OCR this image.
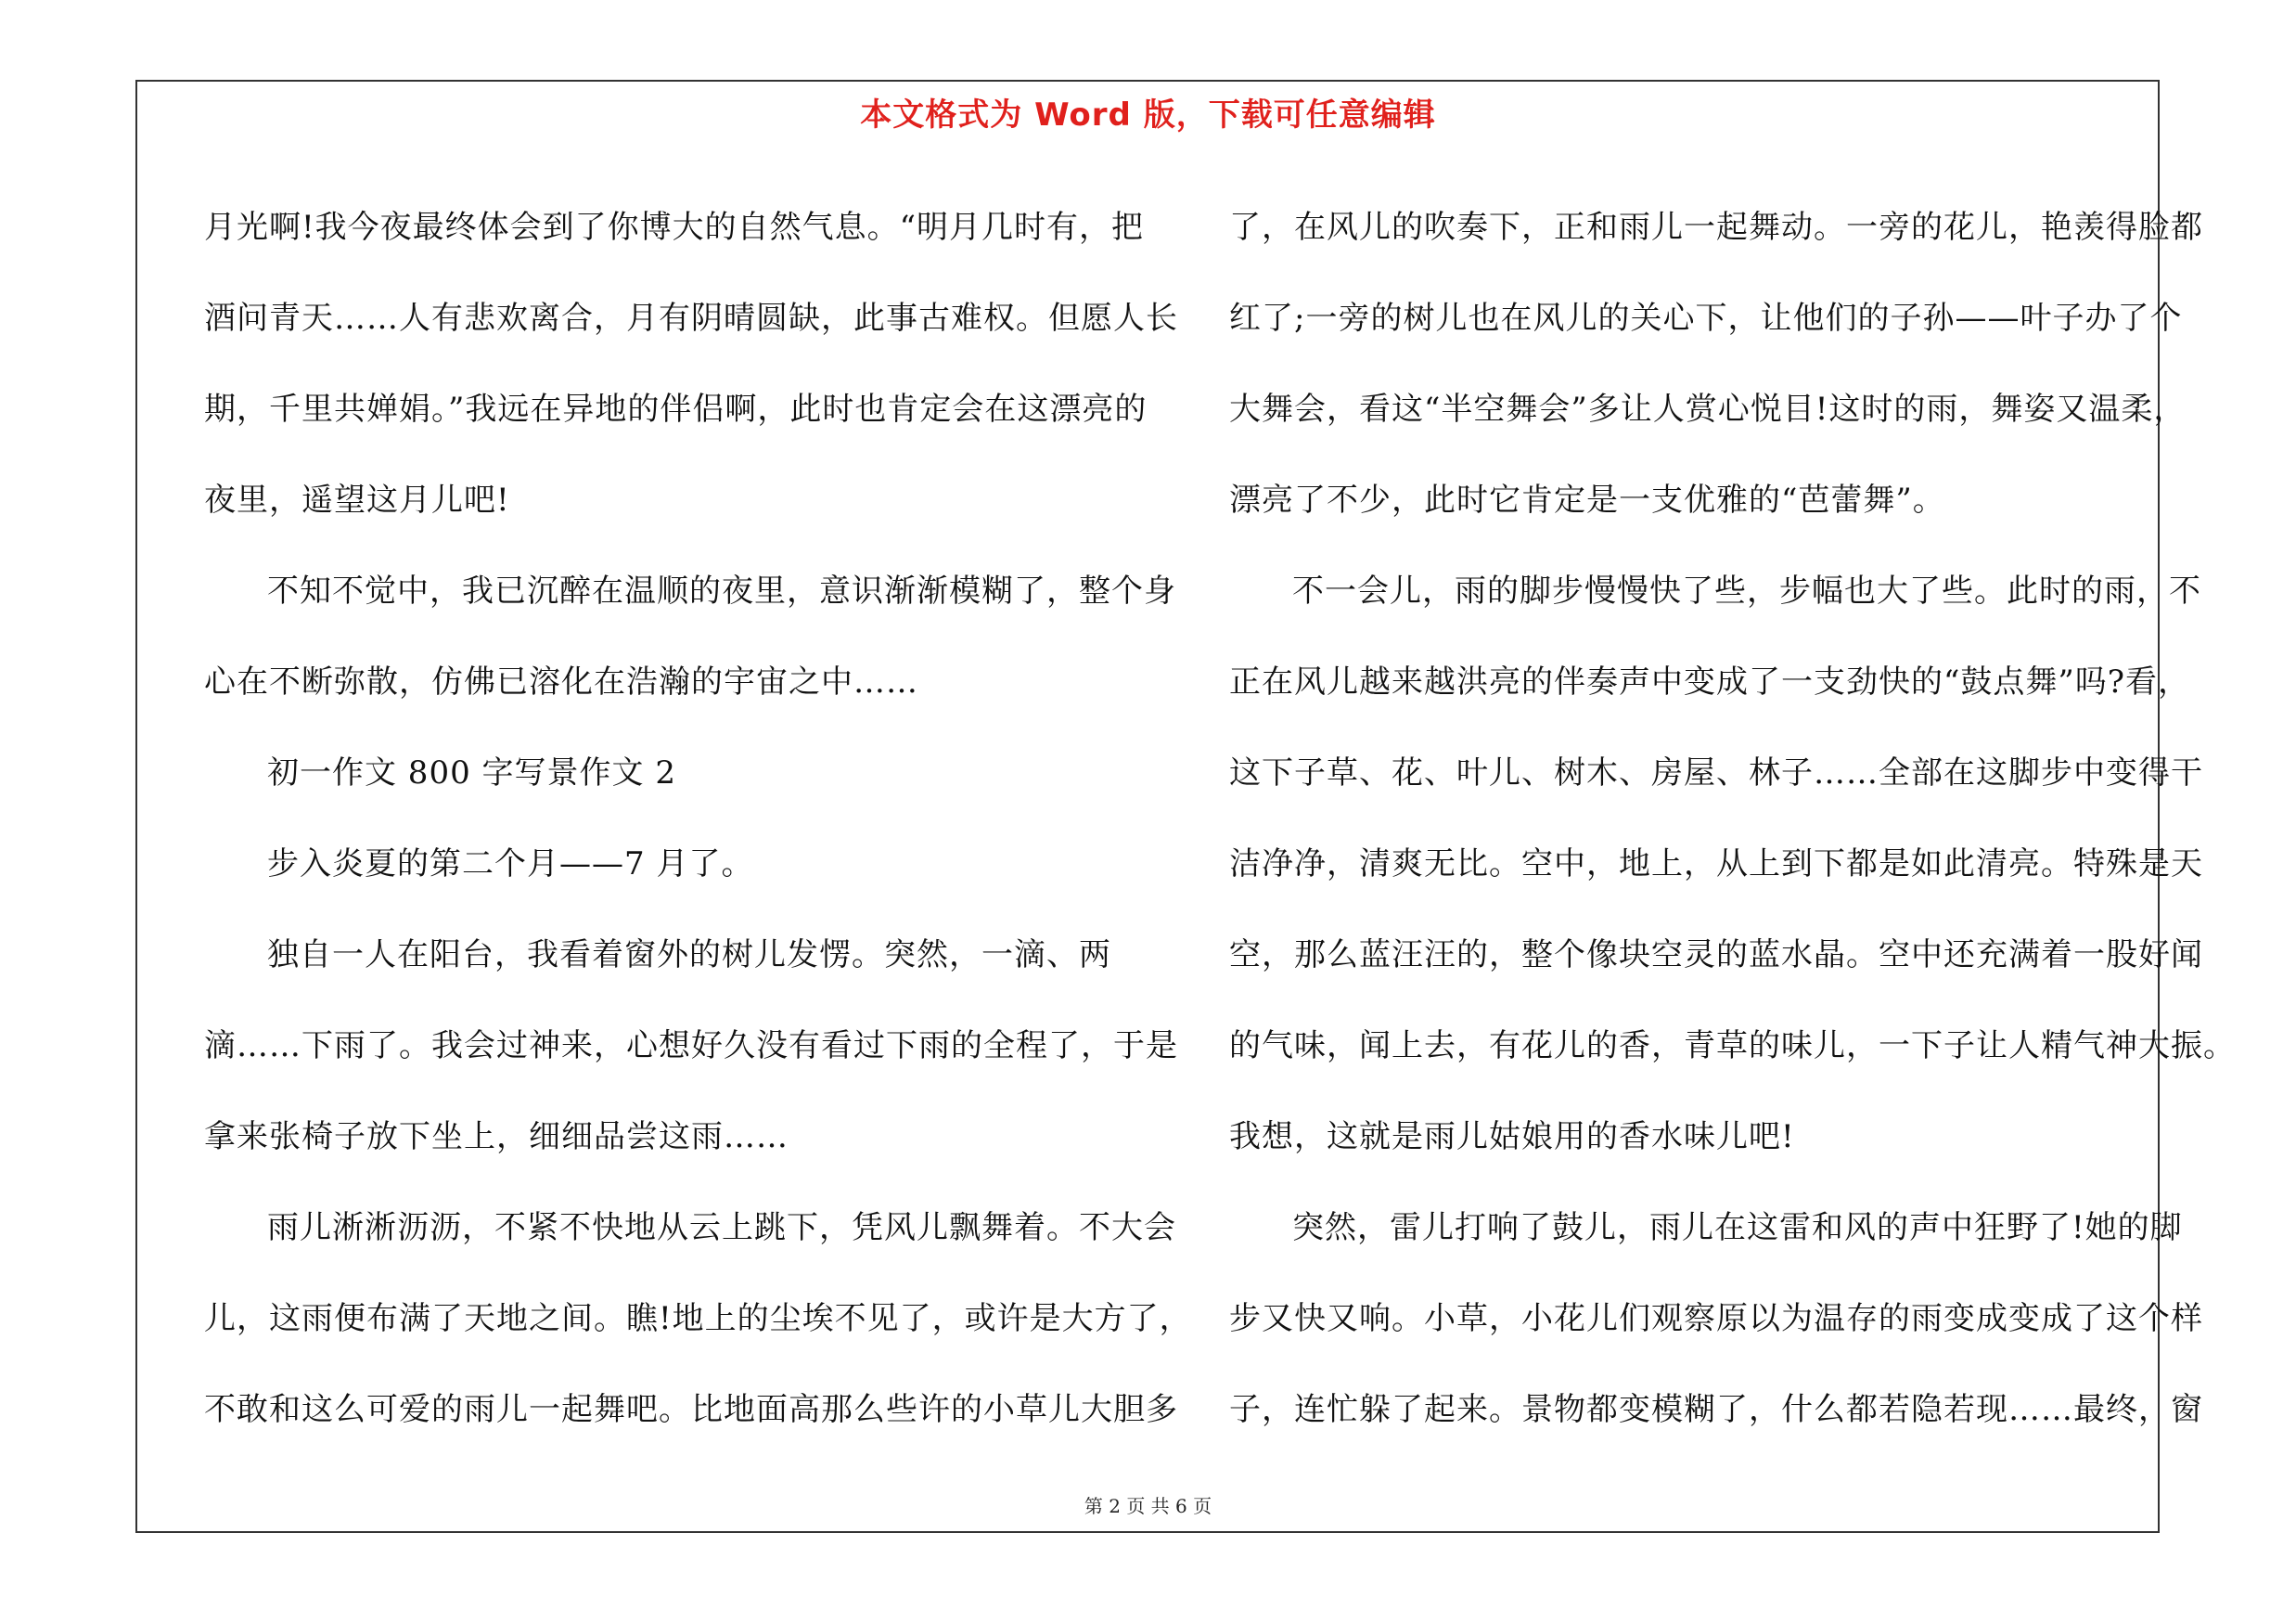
本文格式为 Word 版，下载可任意编辑
月光啊!我今夜最终体会到了你博大的自然气息。“明月几时有，把
酒问青天……人有悲欢离合，月有阴晴圆缺，此事古难权。但愿人长
期，千里共婵娟。”我远在异地的伴侣啊，此时也肯定会在这漂亮的
夜里，遥望这月儿吧!
不知不觉中，我已沉醉在温顺的夜里，意识渐渐模糊了，整个身
心在不断弥散，仿佛已溶化在浩瀚的宇宙之中……
初一作文 800 字写景作文 2
步入炎夏的第二个月——7 月了。
独自一人在阳台，我看着窗外的树儿发愣。突然，一滴、两
滴……下雨了。我会过神来，心想好久没有看过下雨的全程了，于是
拿来张椅子放下坐上，细细品尝这雨……
雨儿淅淅沥沥，不紧不快地从云上跳下，凭风儿飘舞着。不大会
儿，这雨便布满了天地之间。瞧!地上的尘埃不见了，或许是大方了，
不敢和这么可爱的雨儿一起舞吧。比地面高那么些许的小草儿大胆多
了，在风儿的吹奏下，正和雨儿一起舞动。一旁的花儿，艳羡得脸都
红了;一旁的树儿也在风儿的关心下，让他们的子孙——叶子办了个
大舞会，看这“半空舞会”多让人赏心悦目!这时的雨，舞姿又温柔，
漂亮了不少，此时它肯定是一支优雅的“芭蕾舞”。
不一会儿，雨的脚步慢慢快了些，步幅也大了些。此时的雨，不
正在风儿越来越洪亮的伴奏声中变成了一支劲快的“鼓点舞”吗?看，
这下子草、花、叶儿、树木、房屋、林子……全部在这脚步中变得干
洁净净，清爽无比。空中，地上，从上到下都是如此清亮。特殊是天
空，那么蓝汪汪的，整个像块空灵的蓝水晶。空中还充满着一股好闻
的气味，闻上去，有花儿的香，青草的味儿，一下子让人精气神大振。
我想，这就是雨儿姑娘用的香水味儿吧!
突然，雷儿打响了鼓儿，雨儿在这雷和风的声中狂野了!她的脚
步又快又响。小草，小花儿们观察原以为温存的雨变成变成了这个样
子，连忙躲了起来。景物都变模糊了，什么都若隐若现……最终，窗
第 2 页 共 6 页
